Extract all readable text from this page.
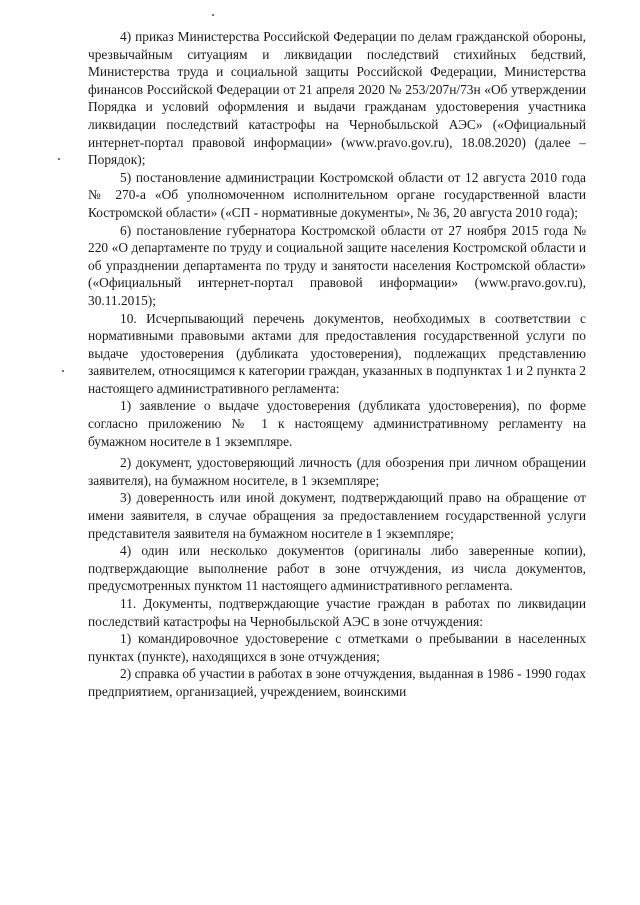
4) приказ Министерства Российской Федерации по делам гражданской обороны, чрезвычайным ситуациям и ликвидации последствий стихийных бедствий, Министерства труда и социальной защиты Российской Федерации, Министерства финансов Российской Федерации от 21 апреля 2020 № 253/207н/73н «Об утверждении Порядка и условий оформления и выдачи гражданам удостоверения участника ликвидации последствий катастрофы на Чернобыльской АЭС» («Официальный интернет-портал правовой информации» (www.pravo.gov.ru), 18.08.2020) (далее – Порядок);

5) постановление администрации Костромской области от 12 августа 2010 года № 270-а «Об уполномоченном исполнительном органе государственной власти Костромской области» («СП - нормативные документы», № 36, 20 августа 2010 года);

6) постановление губернатора Костромской области от 27 ноября 2015 года № 220 «О департаменте по труду и социальной защите населения Костромской области и об упразднении департамента по труду и занятости населения Костромской области» («Официальный интернет-портал правовой информации» (www.pravo.gov.ru), 30.11.2015);

10. Исчерпывающий перечень документов, необходимых в соответствии с нормативными правовыми актами для предоставления государственной услуги по выдаче удостоверения (дубликата удостоверения), подлежащих представлению заявителем, относящимся к категории граждан, указанных в подпунктах 1 и 2 пункта 2 настоящего административного регламента:

1) заявление о выдаче удостоверения (дубликата удостоверения), по форме согласно приложению № 1 к настоящему административному регламенту на бумажном носителе в 1 экземпляре.

2) документ, удостоверяющий личность (для обозрения при личном обращении заявителя), на бумажном носителе, в 1 экземпляре;

3) доверенность или иной документ, подтверждающий право на обращение от имени заявителя, в случае обращения за предоставлением государственной услуги представителя заявителя на бумажном носителе в 1 экземпляре;

4) один или несколько документов (оригиналы либо заверенные копии), подтверждающие выполнение работ в зоне отчуждения, из числа документов, предусмотренных пунктом 11 настоящего административного регламента.

11. Документы, подтверждающие участие граждан в работах по ликвидации последствий катастрофы на Чернобыльской АЭС в зоне отчуждения:

1) командировочное удостоверение с отметками о пребывании в населенных пунктах (пункте), находящихся в зоне отчуждения;

2) справка об участии в работах в зоне отчуждения, выданная в 1986 - 1990 годах предприятием, организацией, учреждением, воинскими
